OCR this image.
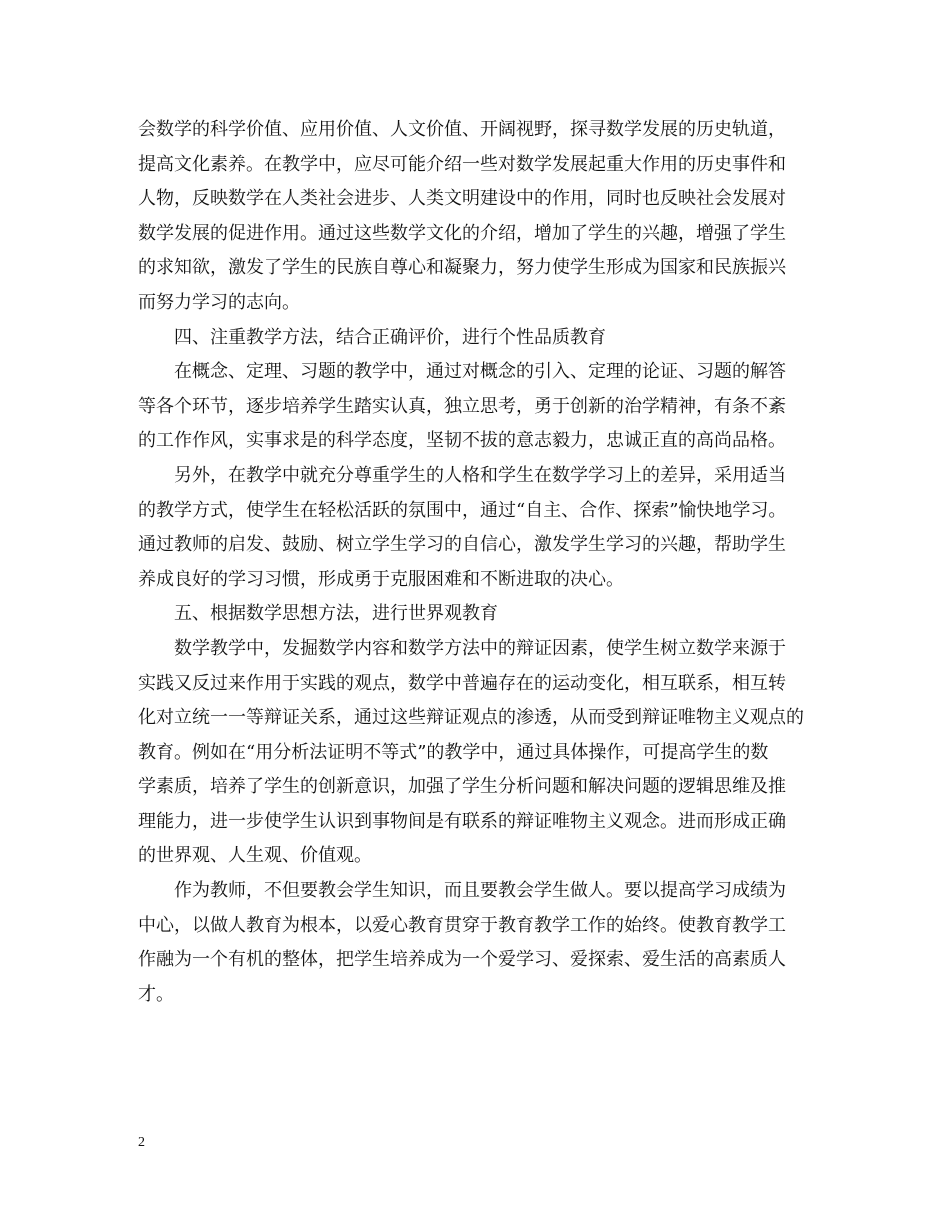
会数学的科学价值、应用价值、人文价值、开阔视野，探寻数学发展的历史轨道，
提高文化素养。在教学中，应尽可能介绍一些对数学发展起重大作用的历史事件和
人物，反映数学在人类社会进步、人类文明建设中的作用，同时也反映社会发展对
数学发展的促进作用。通过这些数学文化的介绍，增加了学生的兴趣，增强了学生
的求知欲，激发了学生的民族自尊心和凝聚力，努力使学生形成为国家和民族振兴
而努力学习的志向。
四、注重教学方法，结合正确评价，进行个性品质教育
在概念、定理、习题的教学中，通过对概念的引入、定理的论证、习题的解答
等各个环节，逐步培养学生踏实认真，独立思考，勇于创新的治学精神，有条不紊
的工作作风，实事求是的科学态度，坚韧不拔的意志毅力，忠诚正直的高尚品格。
另外，在教学中就充分尊重学生的人格和学生在数学学习上的差异，采用适当
的教学方式，使学生在轻松活跃的氛围中，通过“自主、合作、探索”愉快地学习。
通过教师的启发、鼓励、树立学生学习的自信心，激发学生学习的兴趣，帮助学生
养成良好的学习习惯，形成勇于克服困难和不断进取的决心。
五、根据数学思想方法，进行世界观教育
数学教学中，发掘数学内容和数学方法中的辩证因素，使学生树立数学来源于
实践又反过来作用于实践的观点，数学中普遍存在的运动变化，相互联系，相互转
化对立统一一等辩证关系，通过这些辩证观点的渗透，从而受到辩证唯物主义观点的
教育。例如在“用分析法证明不等式”的教学中，通过具体操作，可提高学生的数
学素质，培养了学生的创新意识，加强了学生分析问题和解决问题的逻辑思维及推
理能力，进一步使学生认识到事物间是有联系的辩证唯物主义观念。进而形成正确
的世界观、人生观、价值观。
作为教师，不但要教会学生知识，而且要教会学生做人。要以提高学习成绩为
中心，以做人教育为根本，以爱心教育贯穿于教育教学工作的始终。使教育教学工
作融为一个有机的整体，把学生培养成为一个爱学习、爱探索、爱生活的高素质人
才。
2
